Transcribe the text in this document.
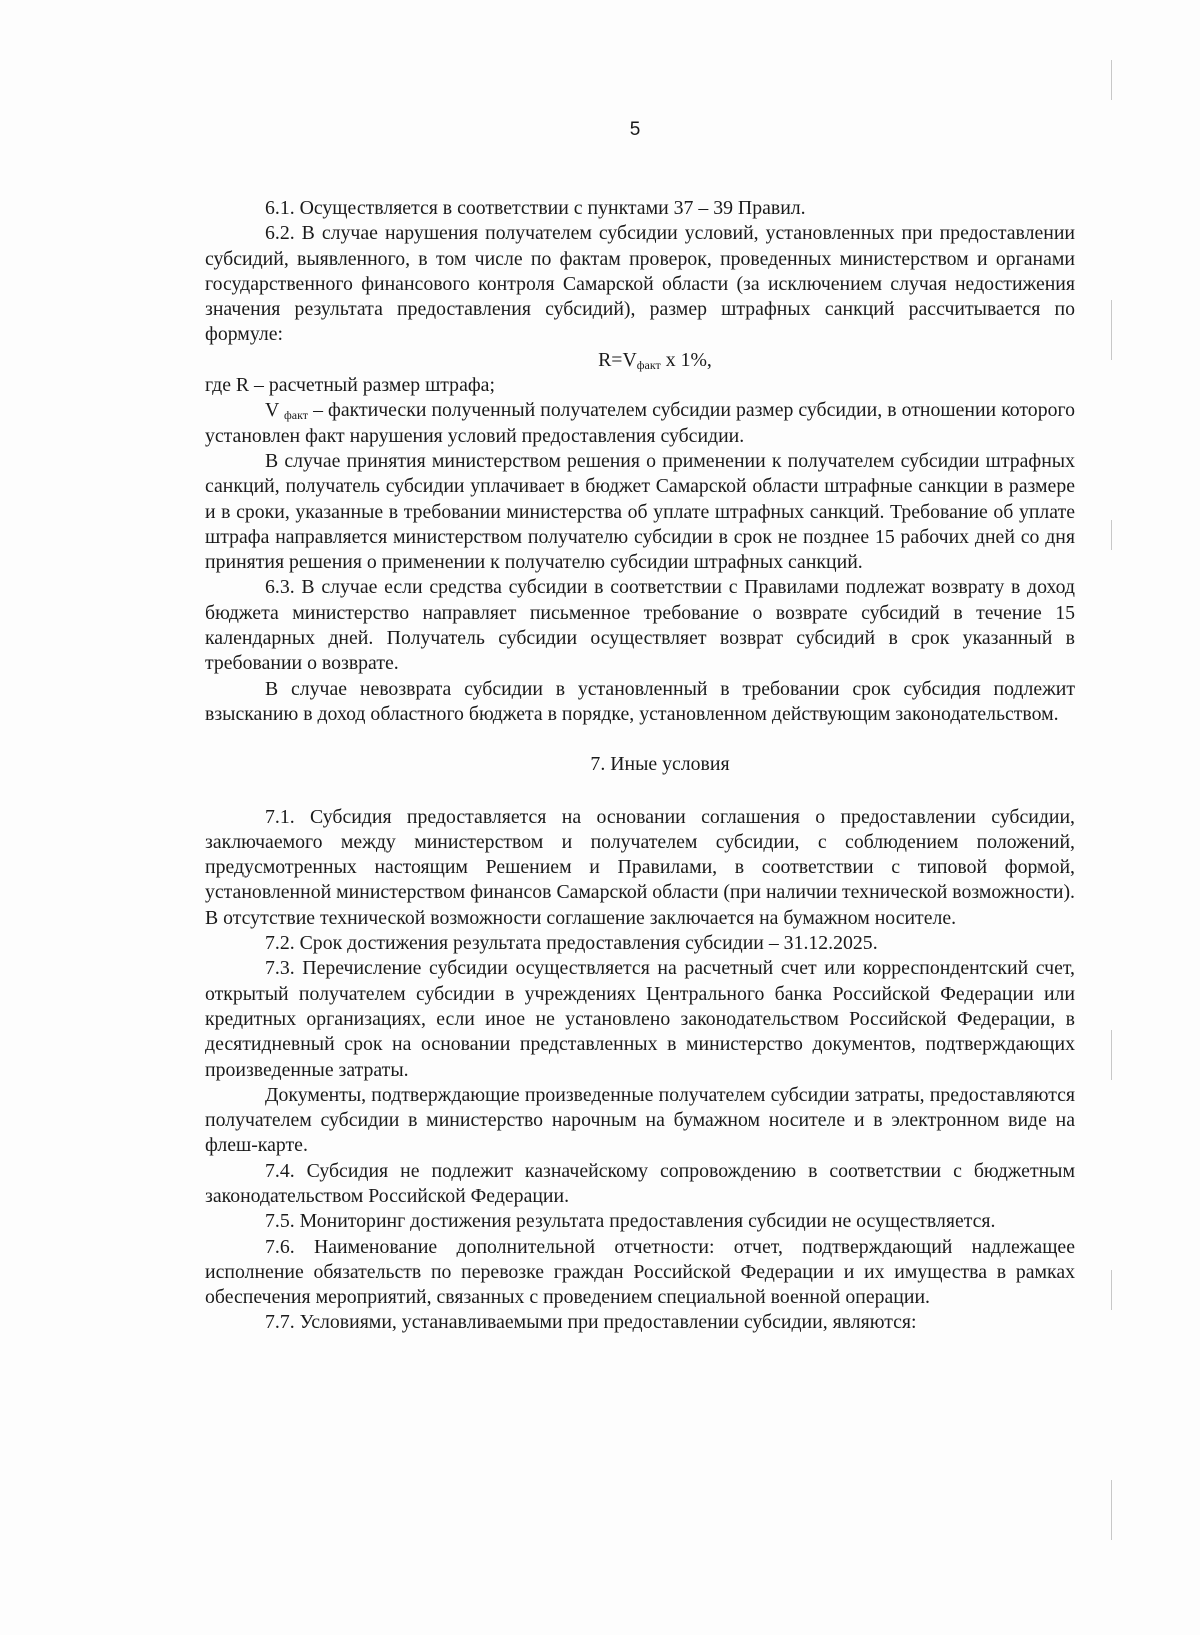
5

6.1. Осуществляется в соответствии с пунктами 37 – 39 Правил.

6.2. В случае нарушения получателем субсидии условий, установленных при предоставлении субсидий, выявленного, в том числе по фактам проверок, проведенных министерством и органами государственного финансового контроля Самарской области (за исключением случая недостижения значения результата предоставления субсидий), размер штрафных санкций рассчитывается по формуле:

$R=V_{факт}$ x 1%,

где R – расчетный размер штрафа;

V $_{факт}$ – фактически полученный получателем субсидии размер субсидии, в отношении которого установлен факт нарушения условий предоставления субсидии.

В случае принятия министерством решения о применении к получателем субсидии штрафных санкций, получатель субсидии уплачивает в бюджет Самарской области штрафные санкции в размере и в сроки, указанные в требовании министерства об уплате штрафных санкций. Требование об уплате штрафа направляется министерством получателю субсидии в срок не позднее 15 рабочих дней со дня принятия решения о применении к получателю субсидии штрафных санкций.

6.3. В случае если средства субсидии в соответствии с Правилами подлежат возврату в доход бюджета министерство направляет письменное требование о возврате субсидий в течение 15 календарных дней. Получатель субсидии осуществляет возврат субсидий в срок указанный в требовании о возврате.

В случае невозврата субсидии в установленный в требовании срок субсидия подлежит взысканию в доход областного бюджета в порядке, установленном действующим законодательством.

7. Иные условия

7.1. Субсидия предоставляется на основании соглашения о предоставлении субсидии, заключаемого между министерством и получателем субсидии, с соблюдением положений, предусмотренных настоящим Решением и Правилами, в соответствии с типовой формой, установленной министерством финансов Самарской области (при наличии технической возможности). В отсутствие технической возможности соглашение заключается на бумажном носителе.

7.2. Срок достижения результата предоставления субсидии – 31.12.2025.

7.3. Перечисление субсидии осуществляется на расчетный счет или корреспондентский счет, открытый получателем субсидии в учреждениях Центрального банка Российской Федерации или кредитных организациях, если иное не установлено законодательством Российской Федерации, в десятидневный срок на основании представленных в министерство документов, подтверждающих произведенные затраты.

Документы, подтверждающие произведенные получателем субсидии затраты, предоставляются получателем субсидии в министерство нарочным на бумажном носителе и в электронном виде на флеш-карте.

7.4. Субсидия не подлежит казначейскому сопровождению в соответствии с бюджетным законодательством Российской Федерации.

7.5. Мониторинг достижения результата предоставления субсидии не осуществляется.

7.6. Наименование дополнительной отчетности: отчет, подтверждающий надлежащее исполнение обязательств по перевозке граждан Российской Федерации и их имущества в рамках обеспечения мероприятий, связанных с проведением специальной военной операции.

7.7. Условиями, устанавливаемыми при предоставлении субсидии, являются:
